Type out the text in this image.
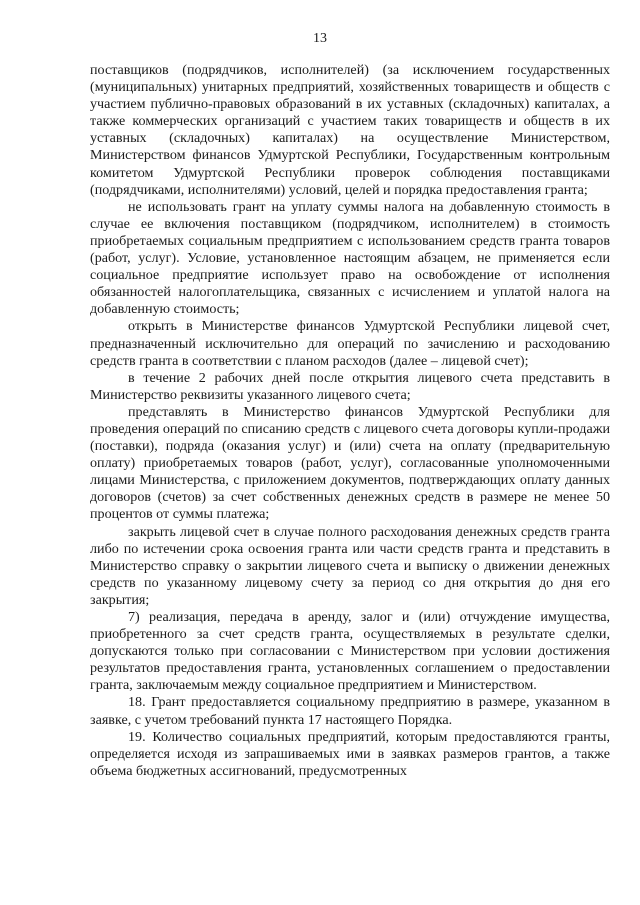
13

поставщиков (подрядчиков, исполнителей) (за исключением государственных (муниципальных) унитарных предприятий, хозяйственных товариществ и обществ с участием публично-правовых образований в их уставных (складочных) капиталах, а также коммерческих организаций с участием таких товариществ и обществ в их уставных (складочных) капиталах) на осуществление Министерством, Министерством финансов Удмуртской Республики, Государственным контрольным комитетом Удмуртской Республики проверок соблюдения поставщиками (подрядчиками, исполнителями) условий, целей и порядка предоставления гранта;

не использовать грант на уплату суммы налога на добавленную стоимость в случае ее включения поставщиком (подрядчиком, исполнителем) в стоимость приобретаемых социальным предприятием с использованием средств гранта товаров (работ, услуг). Условие, установленное настоящим абзацем, не применяется если социальное предприятие использует право на освобождение от исполнения обязанностей налогоплательщика, связанных с исчислением и уплатой налога на добавленную стоимость;

открыть в Министерстве финансов Удмуртской Республики лицевой счет, предназначенный исключительно для операций по зачислению и расходованию средств гранта в соответствии с планом расходов (далее – лицевой счет);

в течение 2 рабочих дней после открытия лицевого счета представить в Министерство реквизиты указанного лицевого счета;

представлять в Министерство финансов Удмуртской Республики для проведения операций по списанию средств с лицевого счета договоры купли-продажи (поставки), подряда (оказания услуг) и (или) счета на оплату (предварительную оплату) приобретаемых товаров (работ, услуг), согласованные уполномоченными лицами Министерства, с приложением документов, подтверждающих оплату данных договоров (счетов) за счет собственных денежных средств в размере не менее 50 процентов от суммы платежа;

закрыть лицевой счет в случае полного расходования денежных средств гранта либо по истечении срока освоения гранта или части средств гранта и представить в Министерство справку о закрытии лицевого счета и выписку о движении денежных средств по указанному лицевому счету за период со дня открытия до дня его закрытия;

7) реализация, передача в аренду, залог и (или) отчуждение имущества, приобретенного за счет средств гранта, осуществляемых в результате сделки, допускаются только при согласовании с Министерством при условии достижения результатов предоставления гранта, установленных соглашением о предоставлении гранта, заключаемым между социальное предприятием и Министерством.

18. Грант предоставляется социальному предприятию в размере, указанном в заявке, с учетом требований пункта 17 настоящего Порядка.

19. Количество социальных предприятий, которым предоставляются гранты, определяется исходя из запрашиваемых ими в заявках размеров грантов, а также объема бюджетных ассигнований, предусмотренных
